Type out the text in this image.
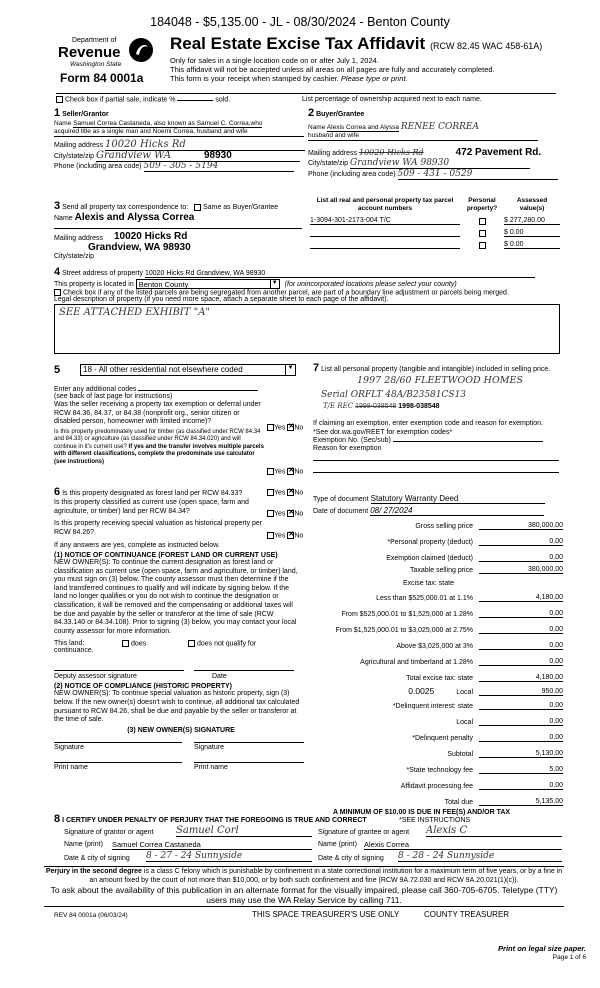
184048 - $5,135.00 - JL - 08/30/2024 - Benton County
Department of
Revenue
Washington State
Form 84 0001a
Real Estate Excise Tax Affidavit (RCW 82.45 WAC 458-61A)
Only for sales in a single location code on or after July 1, 2024.
This affidavit will not be accepted unless all areas on all pages are fully and accurately completed.
This form is your receipt when stamped by cashier. Please type or print.
Check box if partial sale, indicate %	sold.	List percentage of ownership acquired next to each name.
1 Seller/Grantor
Name Samuel Correa Castaneda, also known as Samuel C. Correa,who
acquired title as a single man and Noemi Correa, husband and wife
Mailing address 10020 Hicks Rd
City/state/zip Grandview WA	98930
Phone (including area code) 509 - 305 - 5194
2 Buyer/Grantee
Name Alexis Correa and Alyssa RENEE CORREA
husband and wife
Mailing address 10020 Hicks Rd	472 Pavement Rd.
City/state/zip Grandview WA 98930
Phone (including area code) 509 - 431 - 0529
3 Send all property tax correspondence to: Same as Buyer/Grantee
Name Alexis and Alyssa Correa
Mailing address 10020 Hicks Rd
Grandview, WA 98930
City/state/zip
List all real and personal property tax parcel account numbers
Personal property?
Assessed value(s)
1-3094-301-2173-004 T/C	$ 277,280.00
$ 0.00
$ 0.00
4 Street address of property 10020 Hicks Rd Grandview, WA 98930
This property is located in Benton County	▼ (for unincorporated locations please select your county)
Check box if any of the listed parcels are being segregated from another parcel, are part of a boundary line adjustment or parcels being merged.
Legal description of property (if you need more space, attach a separate sheet to each page of the affidavit).
SEE ATTACHED EXHIBIT "A"
5	18 - All other residential not elsewhere coded	▼
Enter any additional codes
(see back of last page for instructions)
Was the seller receiving a property tax exemption or deferral under RCW 84.36, 84.37, or 84.38 (nonprofit org., senior citizen or disabled person, homeowner with limited income)?
Yes ✕ No
Is this property predominately used for timber (as classified under RCW 84.34 and 84.33) or agriculture (as classified under RCW 84.34.020) and will continue in it's current use? If yes and the transfer involves multiple parcels with different classifications, complete the predominate use calculator (see instructions)
Yes ✕ No
6 Is this property designated as forest land per RCW 84.33?	Yes ✕ No
Is this property classified as current use (open space, farm and agriculture, or timber) land per RCW 84.34?	Yes ✕ No
Is this property receiving special valuation as historical property per RCW 84.26?
Yes ✕ No
If any answers are yes, complete as instructed below.
(1) NOTICE OF CONTINUANCE (FOREST LAND OR CURRENT USE)
NEW OWNER(S): To continue the current designation as forest land or classification as current use (open space, farm and agriculture, or timber) land, you must sign on (3) below. The county assessor must then determine if the land transferred continues to qualify and will indicate by signing below. If the land no longer qualifies or you do not wish to continue the designation or classification, it will be removed and the compensating or additional taxes will be due and payable by the seller or transferor at the time of sale (RCW 84.33.140 or 84.34.108). Prior to signing (3) below, you may contact your local county assessor for more information.
This land:	does	does not qualify for
continuance.
Deputy assessor signature	Date
(2) NOTICE OF COMPLIANCE (HISTORIC PROPERTY)
NEW OWNER(S): To continue special valuation as historic property, sign (3) below. If the new owner(s) doesn't wish to continue, all additional tax calculated pursuant to RCW 84.26, shall be due and payable by the seller or transferor at the time of sale.
(3) NEW OWNER(S) SIGNATURE
Signature	Signature
Print name	Print name
7 List all personal property (tangible and intangible) included in selling price.
1997 28/60 FLEETWOOD HOMES
Serial ORFLT 48A/B23581CS13
T/E REC 1998-038548 1998-038548
If claiming an exemption, enter exemption code and reason for exemption. *See dor.wa.gov/REET for exemption codes*
Exemption No. (Sec/sub)
Reason for exemption
Type of document Statutory Warranty Deed
Date of document 08/ 27/2024
Gross selling price	380,000.00
*Personal property (deduct)	0.00
Exemption claimed (deduct)	0.00
Taxable selling price	380,000.00
Excise tax: state
Less than $525,000.01 at 1.1%	4,180.00
From $525,000.01 to $1,525,000 at 1.28%	0.00
From $1,525,000.01 to $3,025,000 at 2.75%	0.00
Above $3,025,000 at 3%	0.00
Agricultural and timberland at 1.28%	0.00
Total excise tax: state	4,180.00
0.0025	Local	950.00
*Delinquent interest: state	0.00
Local	0.00
*Delinquent penalty	0.00
Subtotal	5,130.00
*State technology fee	5.00
Affidavit processing fee	0.00
Total due	5,135.00
A MINIMUM OF $10.00 IS DUE IN FEE(S) AND/OR TAX
*SEE INSTRUCTIONS
8 I CERTIFY UNDER PENALTY OF PERJURY THAT THE FOREGOING IS TRUE AND CORRECT
Signature of grantor or agent Samuel Corl
Name (print) Samuel Correa Castaneda
Date & city of signing 8 - 27 - 24 Sunnyside
Signature of grantee or agent Alexis C
Name (print) Alexis Correa
Date & city of signing 8 - 28 - 24 Sunnyside
Perjury in the second degree is a class C felony which is punishable by confinement in a state correctional institution for a maximum term of five years, or by a fine in an amount fixed by the court of not more than $10,000, or by both such confinement and fine (RCW 9A.72.030 and RCW 9A.20.021(1)(c)).
To ask about the availability of this publication in an alternate format for the visually impaired, please call 360-705-6705. Teletype (TTY) users may use the WA Relay Service by calling 711.
REV 84 0001a (06/03/24)	THIS SPACE TREASURER'S USE ONLY	COUNTY TREASURER
Print on legal size paper.
Page 1 of 6
